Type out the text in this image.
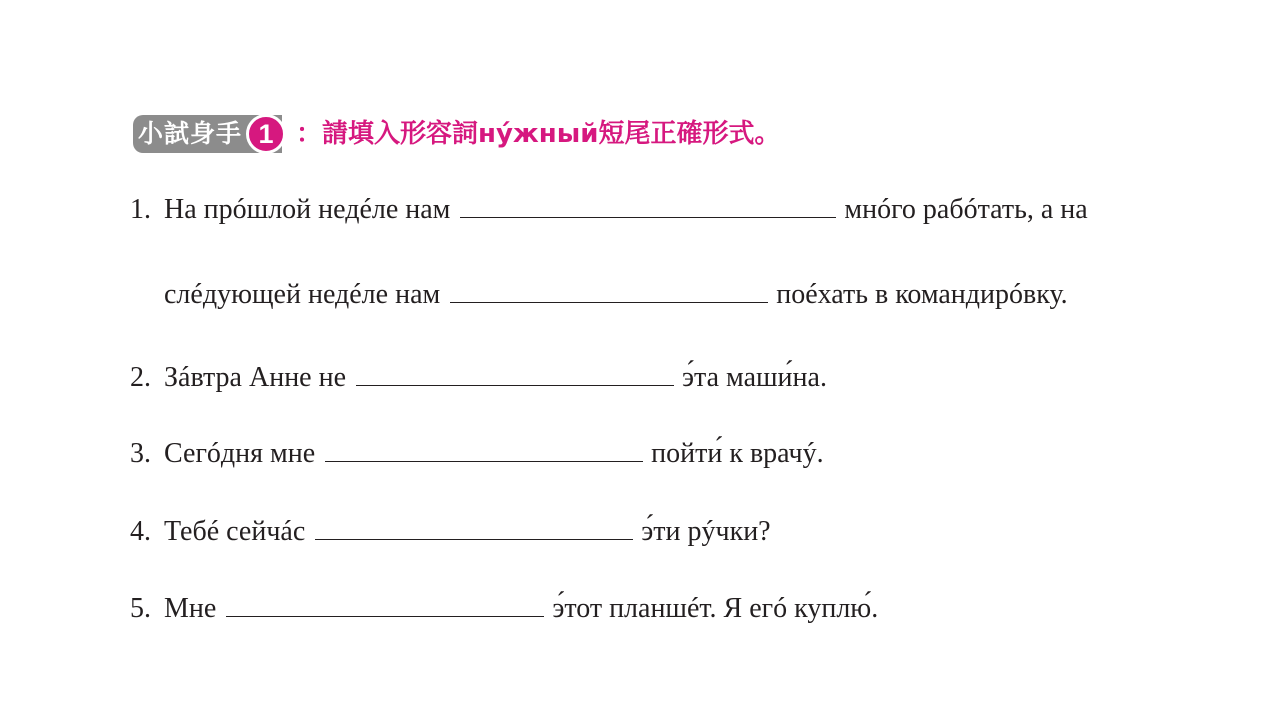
小試身手 1 ：請填入形容詞нýжный短尾正確形式。
1. На прóшлой недéле нам	мнóго рабóтать, а на
слéдующей недéле нам	поéхать в командирóвку.
2. Зáвтра Анне не	э́та маши́на.
3. Сегóдня мне	пойти́ к врачý.
4. Тебé сейчáс	э́ти рýчки?
5. Мне	э́тот планшéт. Я егó куплю́.
